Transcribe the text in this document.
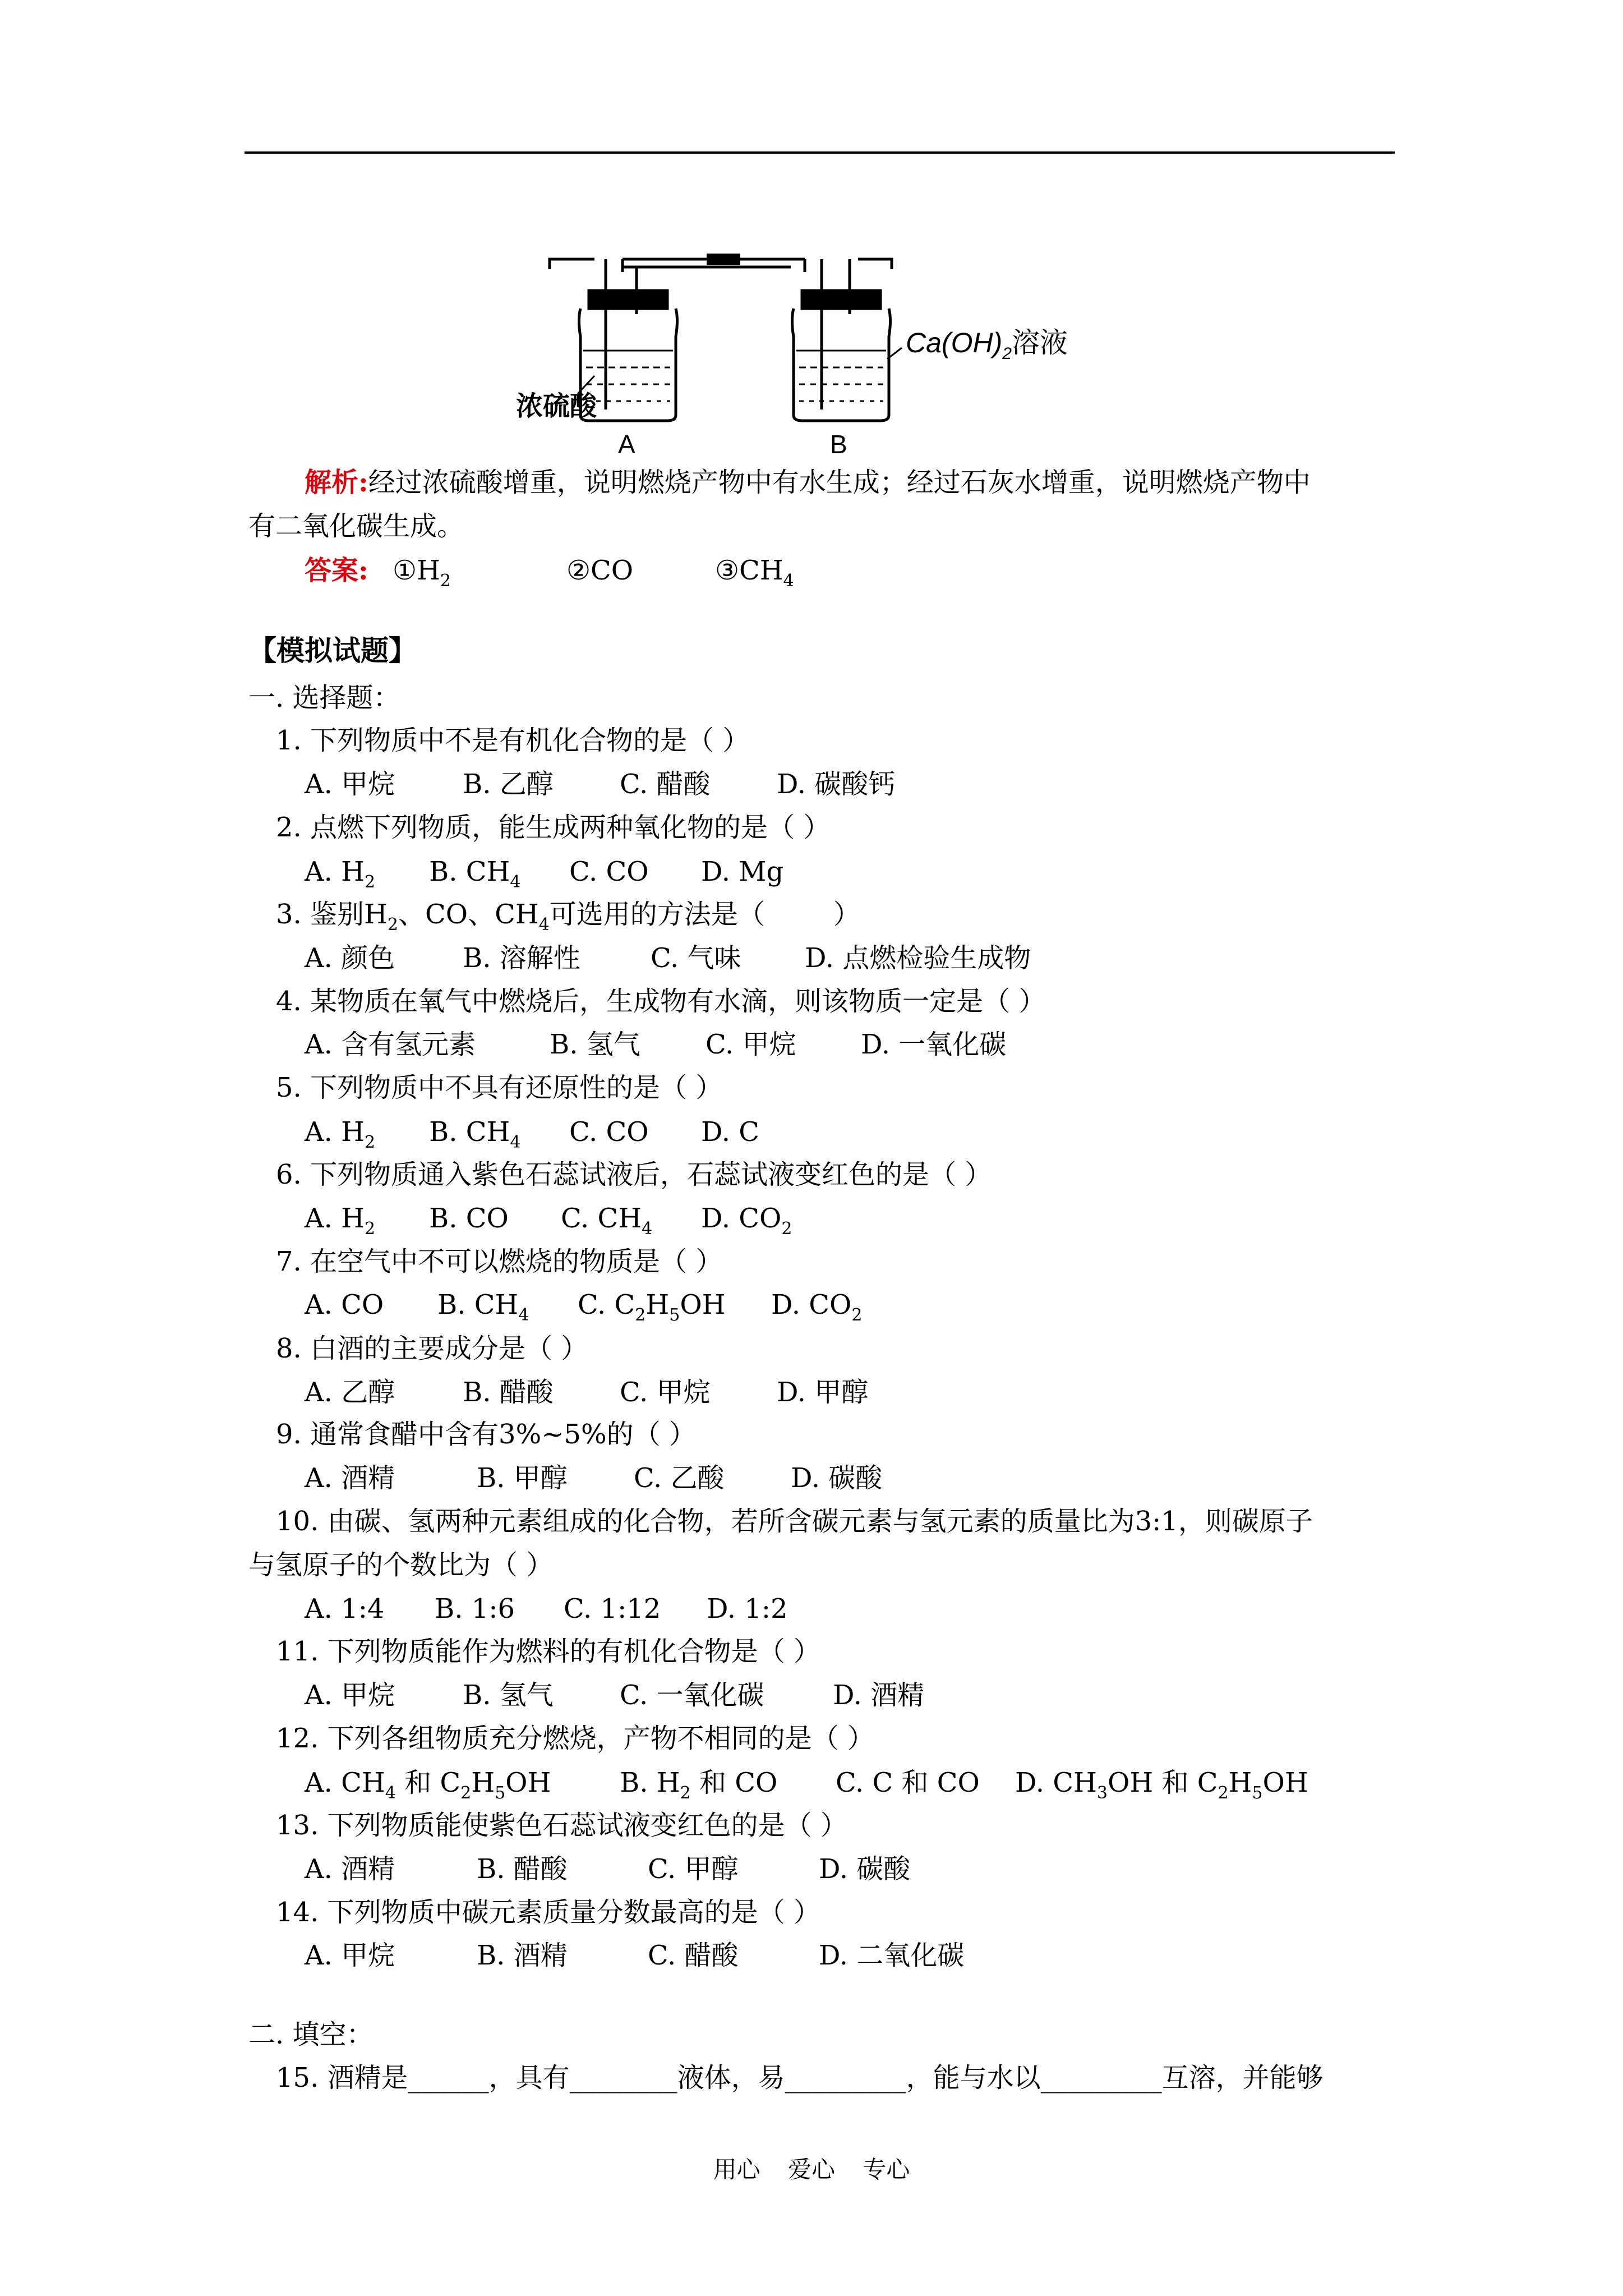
浓硫酸
A	B
$Ca(OH)_2$溶液
解析:经过浓硫酸增重，说明燃烧产物中有水生成；经过石灰水增重，说明燃烧产物中
有二氧化碳生成。
答案: $①H_2$	②CO	$③CH_4$
【模拟试题】
一. 选择题：
1. 下列物质中不是有机化合物的是（ ）
A. 甲烷	B. 乙醇 C. 醋酸 D. 碳酸钙
2. 点燃下列物质，能生成两种氧化物的是（ ）
A. $H_2$ B. $CH_4$ C. CO D. Mg
3. 鉴别$H_2$、CO、$CH_4$可选用的方法是（        ）
A. 颜色	B. 溶解性	C. 气味 D. 点燃检验生成物
4. 某物质在氧气中燃烧后，生成物有水滴，则该物质一定是（ ）
A. 含有氢元素	B. 氢气 C. 甲烷 D. 一氧化碳
5. 下列物质中不具有还原性的是（ ）
A. $H_2$ B. $CH_4$ C. CO D. C
6. 下列物质通入紫色石蕊试液后，石蕊试液变红色的是（ ）
A. $H_2$ B. CO C. $CH_4$ D. $CO_2$
7. 在空气中不可以燃烧的物质是（ ）
A. CO B. $CH_4$ C. $C_2H_5OH$ D. $CO_2$
8. 白酒的主要成分是（ ）
A. 乙醇	B. 醋酸 C. 甲烷 D. 甲醇
9. 通常食醋中含有3%~5%的（ ）
A. 酒精	B. 甲醇 C. 乙酸 D. 碳酸
10. 由碳、氢两种元素组成的化合物，若所含碳元素与氢元素的质量比为3:1，则碳原子
与氢原子的个数比为（ ）
A. 1:4 B. 1:6 C. 1:12 D. 1:2
11. 下列物质能作为燃料的有机化合物是（ ）
A. 甲烷	B. 氢气 C. 一氧化碳	D. 酒精
12. 下列各组物质充分燃烧，产物不相同的是（ ）
A. $CH_4$ 和 $C_2H_5OH$	B. $H_2$ 和 CO C. C 和 CO D. $CH_3OH$ 和 $C_2H_5OH$
13. 下列物质能使紫色石蕊试液变红色的是（ ）
A. 酒精	B. 醋酸	C. 甲醇	D. 碳酸
14. 下列物质中碳元素质量分数最高的是（ ）
A. 甲烷	B. 酒精	C. 醋酸	D. 二氧化碳
二. 填空：
15. 酒精是______，具有________液体，易_________，能与水以_________互溶，并能够
用心 爱心 专心
